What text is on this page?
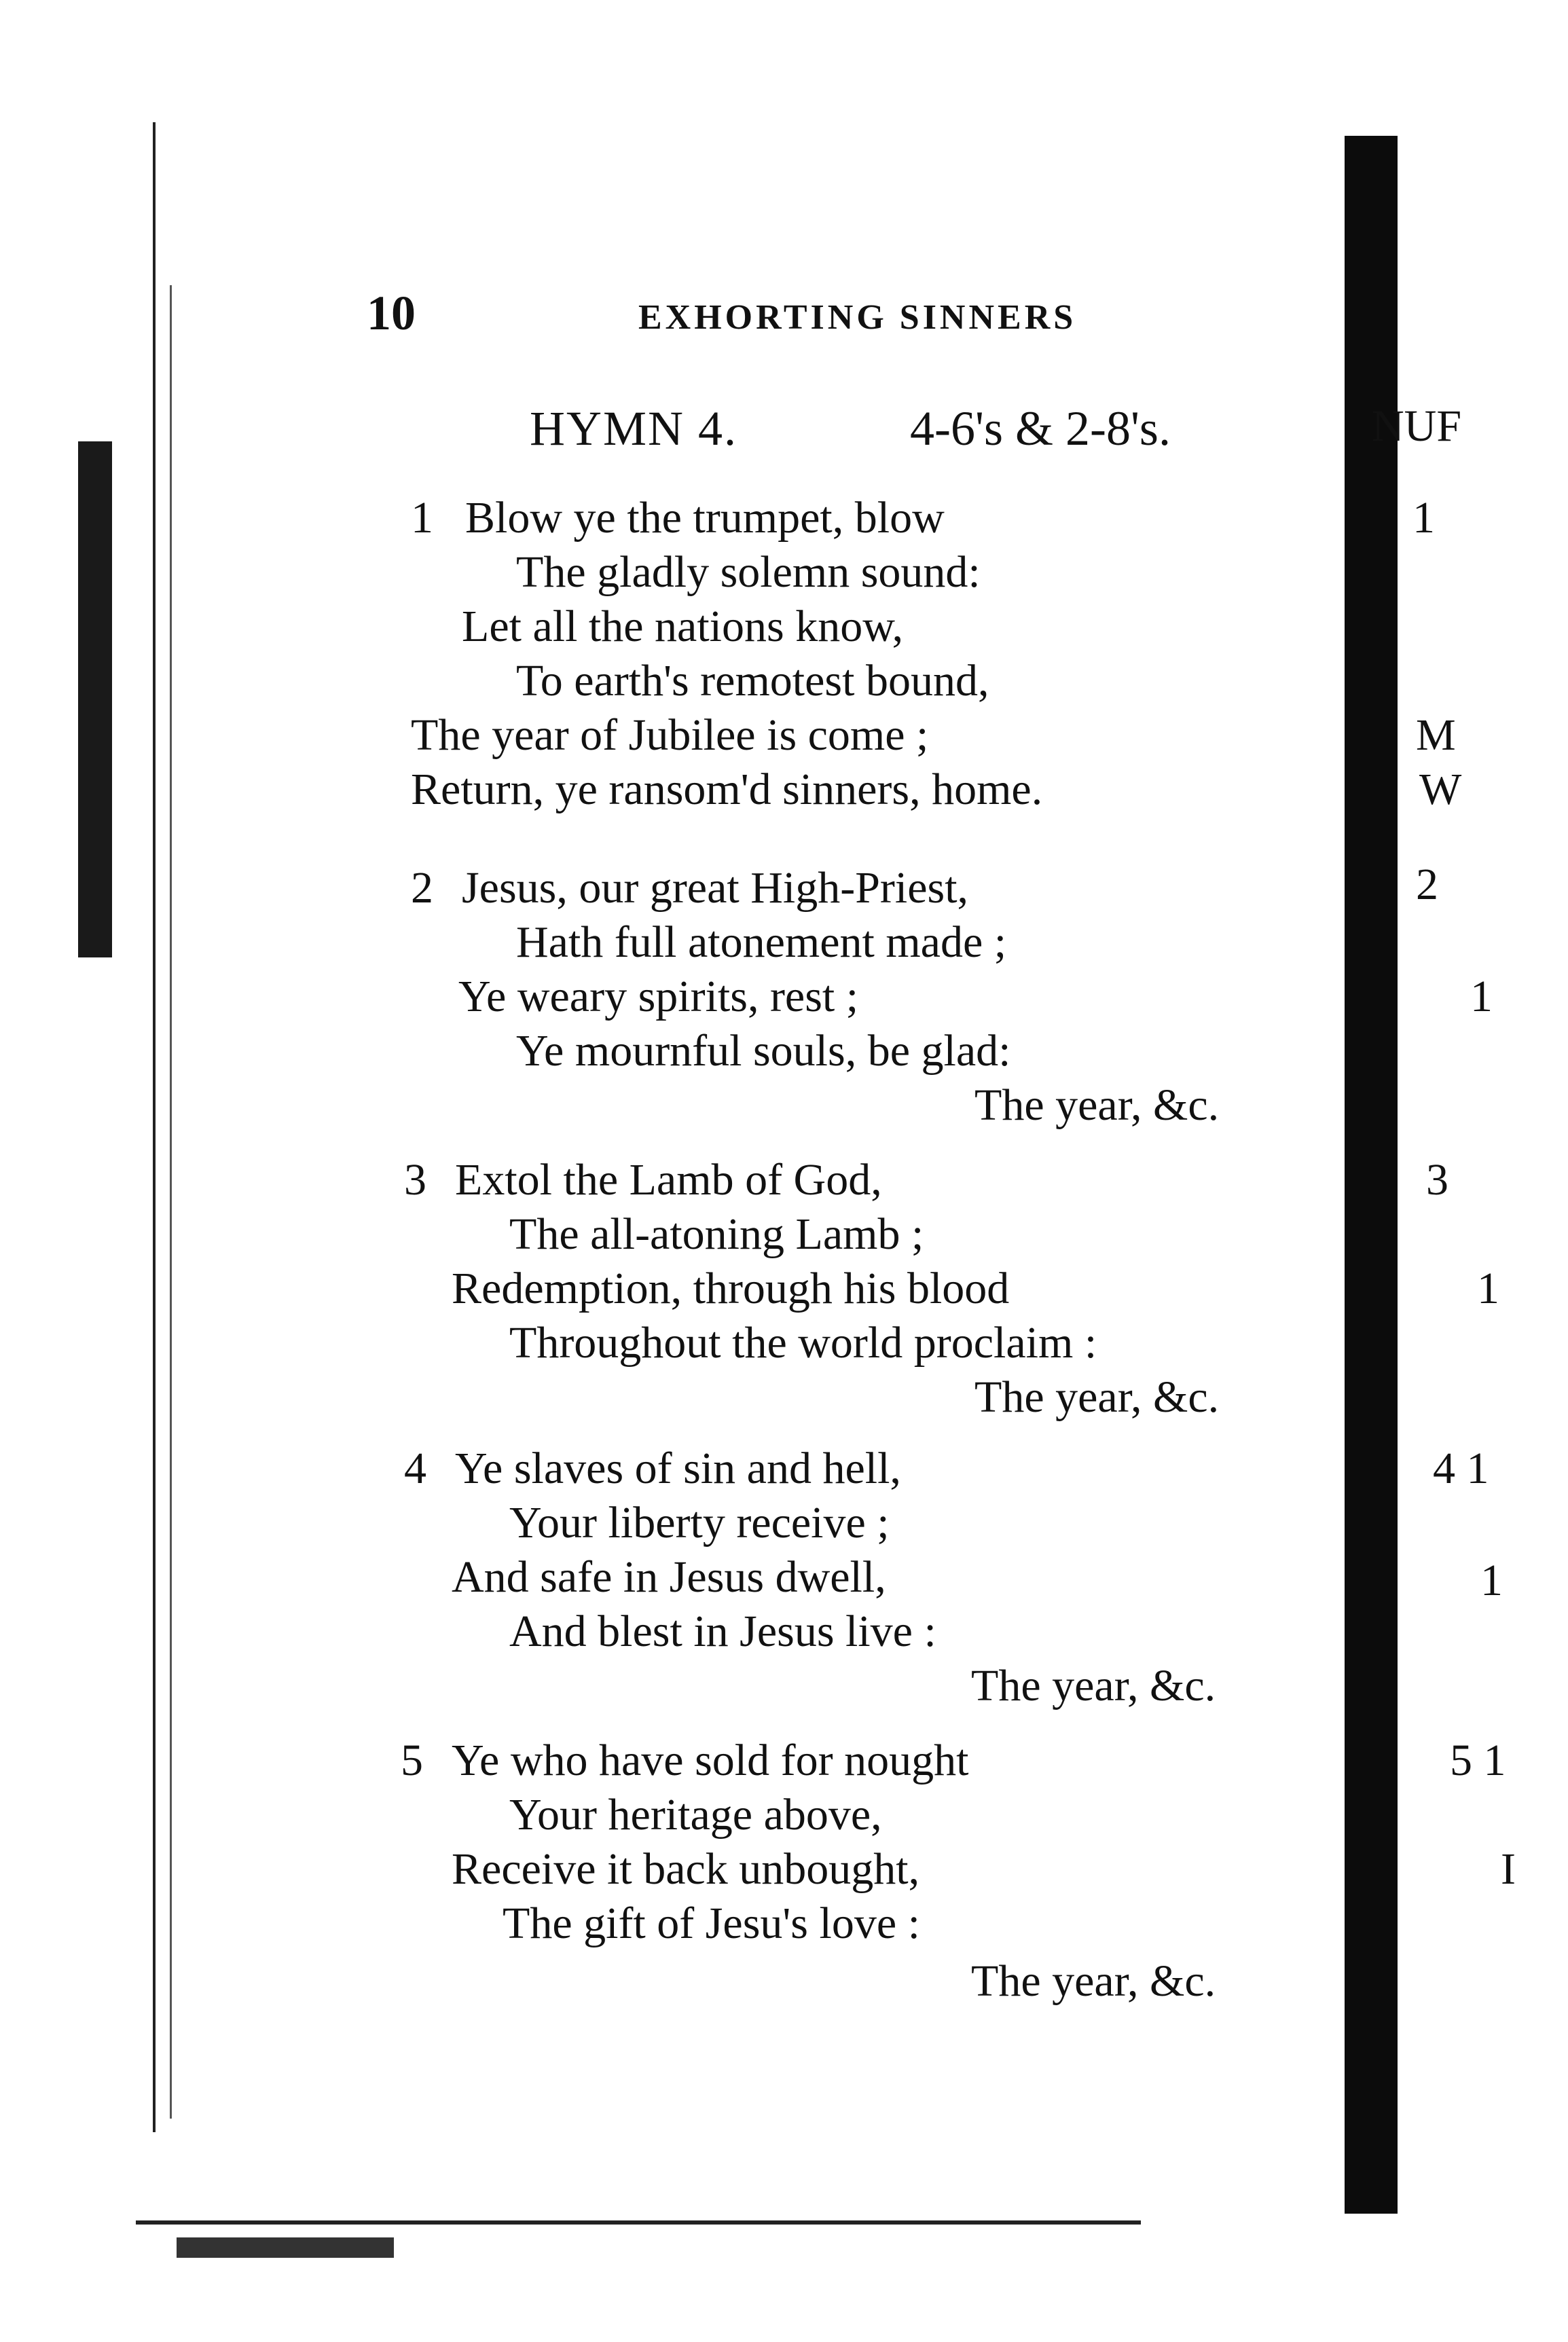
10	EXHORTING SINNERS
HYMN 4.	4-6's & 2-8's.
1 Blow ye the trumpet, blow
The gladly solemn sound:
Let all the nations know,
To earth's remotest bound,
The year of Jubilee is come ;
Return, ye ransom'd sinners, home.
2 Jesus, our great High-Priest,
Hath full atonement made ;
Ye weary spirits, rest ;
Ye mournful souls, be glad:
The year, &c.
3 Extol the Lamb of God,
The all-atoning Lamb ;
Redemption, through his blood
Throughout the world proclaim :
The year, &c.
4 Ye slaves of sin and hell,
Your liberty receive ;
And safe in Jesus dwell,
And blest in Jesus live :
The year, &c.
5 Ye who have sold for nought
Your heritage above,
Receive it back unbought,
The gift of Jesu's love :
The year, &c.
NUF
1
M
W
2
1
3
1
4 1
1
5 1
I
